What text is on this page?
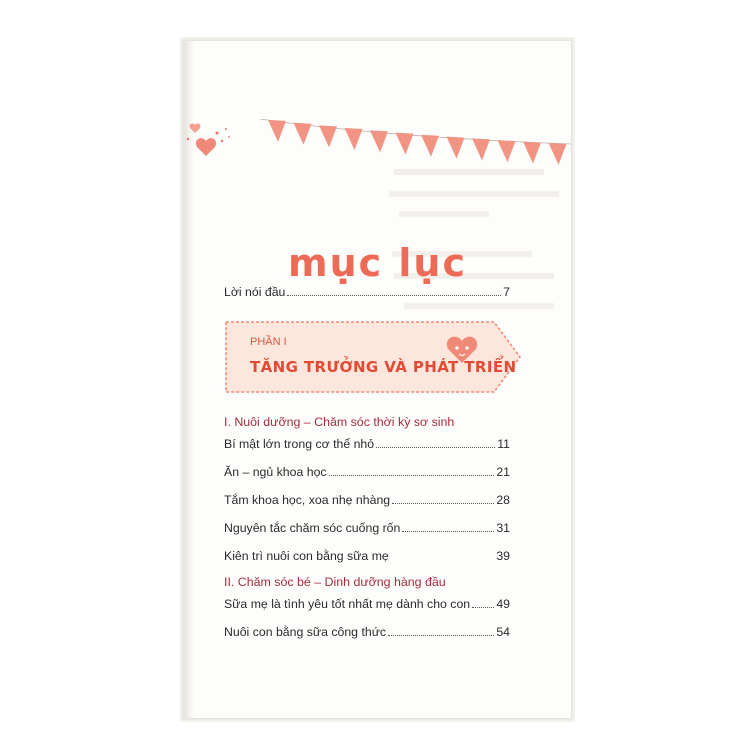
mục lục
Lời nói đầu	7
PHẦN I
TĂNG TRƯỞNG VÀ PHÁT TRIỂN
I. Nuôi dưỡng – Chăm sóc thời kỳ sơ sinh
Bí mật lớn trong cơ thể nhỏ	11
Ăn – ngủ khoa học	21
Tắm khoa học, xoa nhẹ nhàng	28
Nguyên tắc chăm sóc cuống rốn	31
Kiên trì nuôi con bằng sữa mẹ	39
II. Chăm sóc bé – Dinh dưỡng hàng đầu
Sữa mẹ là tình yêu tốt nhất mẹ dành cho con 49
Nuôi con bằng sữa công thức	54
